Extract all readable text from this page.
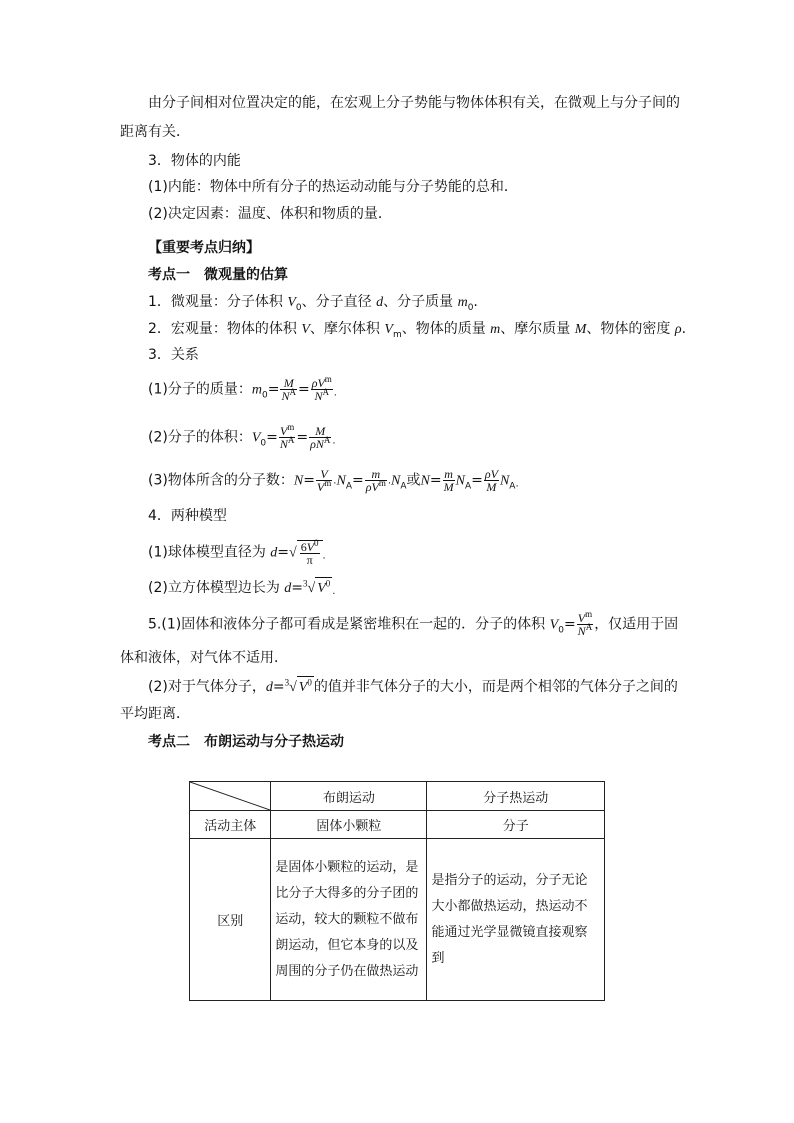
由分子间相对位置决定的能，在宏观上分子势能与物体体积有关，在微观上与分子间的
距离有关．
3．物体的内能
(1)内能：物体中所有分子的热运动动能与分子势能的总和．
(2)决定因素：温度、体积和物质的量．
【重要考点归纳】
考点一　微观量的估算
1．微观量：分子体积 $V_0$、分子直径 d、分子质量 $m_0$.
2．宏观量：物体的体积 V、摩尔体积 $V_m$、物体的质量 m、摩尔质量 M、物体的密度 ρ.
3．关系
(1)分子的质量：$m_0= \frac{M}{N^A} = \frac{\rho V^m}{N^A}$ .
(2)分子的体积：$V_0= \frac{V^m}{N^A} = \frac{M}{\rho N^A}$ .
(3)物体所含的分子数：$N= \frac{V}{V^m} \cdot N_A= \frac{m}{\rho V^m} \cdot N_A$或$N= \frac{m}{M} N_A= \frac{\rho V}{M} N_A$.
4．两种模型
(1)球体模型直径为 $d=√ \frac{6V^0}{\pi}$ .
(2)立方体模型边长为 d=$^3$√ $V^0$.
5.(1)固体和液体分子都可看成是紧密堆积在一起的．分子的体积 $V_0= \frac{V^m}{N^A}$ ，仅适用于固
体和液体，对气体不适用．
(2)对于气体分子，d=$^3$√ $V^0$ 的值并非气体分子的大小，而是两个相邻的气体分子之间的
平均距离．
考点二　布朗运动与分子热运动
	布朗运动	分子热运动
活动主体	固体小颗粒	分子
区别	是固体小颗粒的运动，是比分子大得多的分子团的运动，较大的颗粒不做布朗运动，但它本身的以及周围的分子仍在做热运动	是指分子的运动，分子无论大小都做热运动，热运动不能通过光学显微镜直接观察到
